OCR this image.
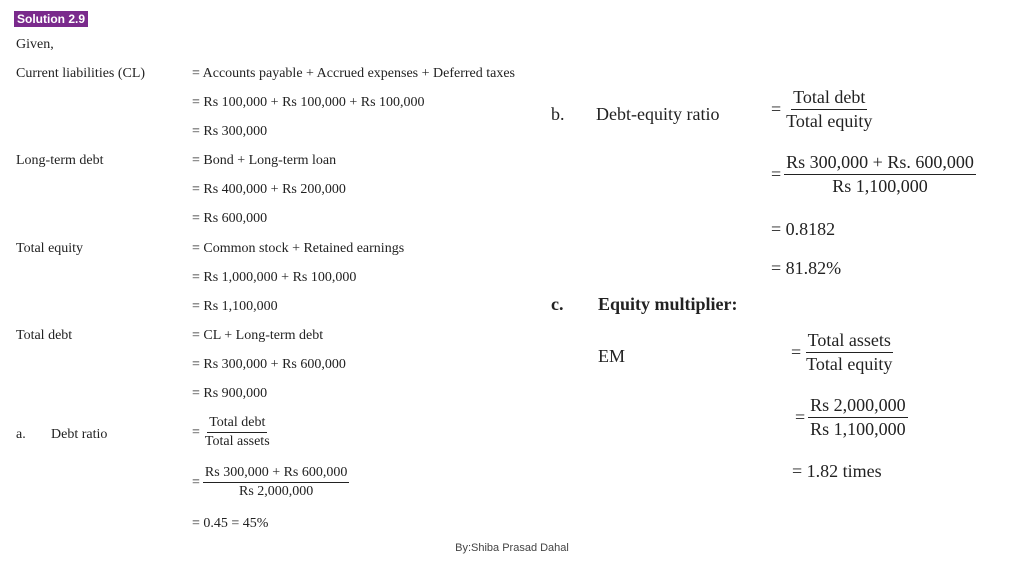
Solution 2.9
Given,
Current liabilities (CL)	= Accounts payable + Accrued expenses + Deferred taxes
= Rs 100,000 + Rs 100,000 + Rs 100,000
= Rs 300,000
Long-term debt	= Bond + Long-term loan
= Rs 400,000 + Rs 200,000
= Rs 600,000
Total equity	= Common stock + Retained earnings
= Rs 1,000,000 + Rs 100,000
= Rs 1,100,000
Total debt	= CL + Long-term debt
= Rs 300,000 + Rs 600,000
= Rs 900,000
a. Debt ratio	= $\frac{\text{Total debt}}{\text{Total assets}}$
= $\frac{Rs 300,000 + Rs 600,000}{Rs 2,000,000}$
= 0.45 = 45%
b. Debt-equity ratio	= $\frac{\text{Total debt}}{\text{Total equity}}$
= $\frac{Rs 300,000 + Rs. 600,000}{Rs 1,100,000}$
= 0.8182
= 81.82%
c. Equity multiplier:
EM	= $\frac{\text{Total assets}}{\text{Total equity}}$
= $\frac{Rs 2,000,000}{Rs 1,100,000}$
= 1.82 times
By:Shiba Prasad Dahal
